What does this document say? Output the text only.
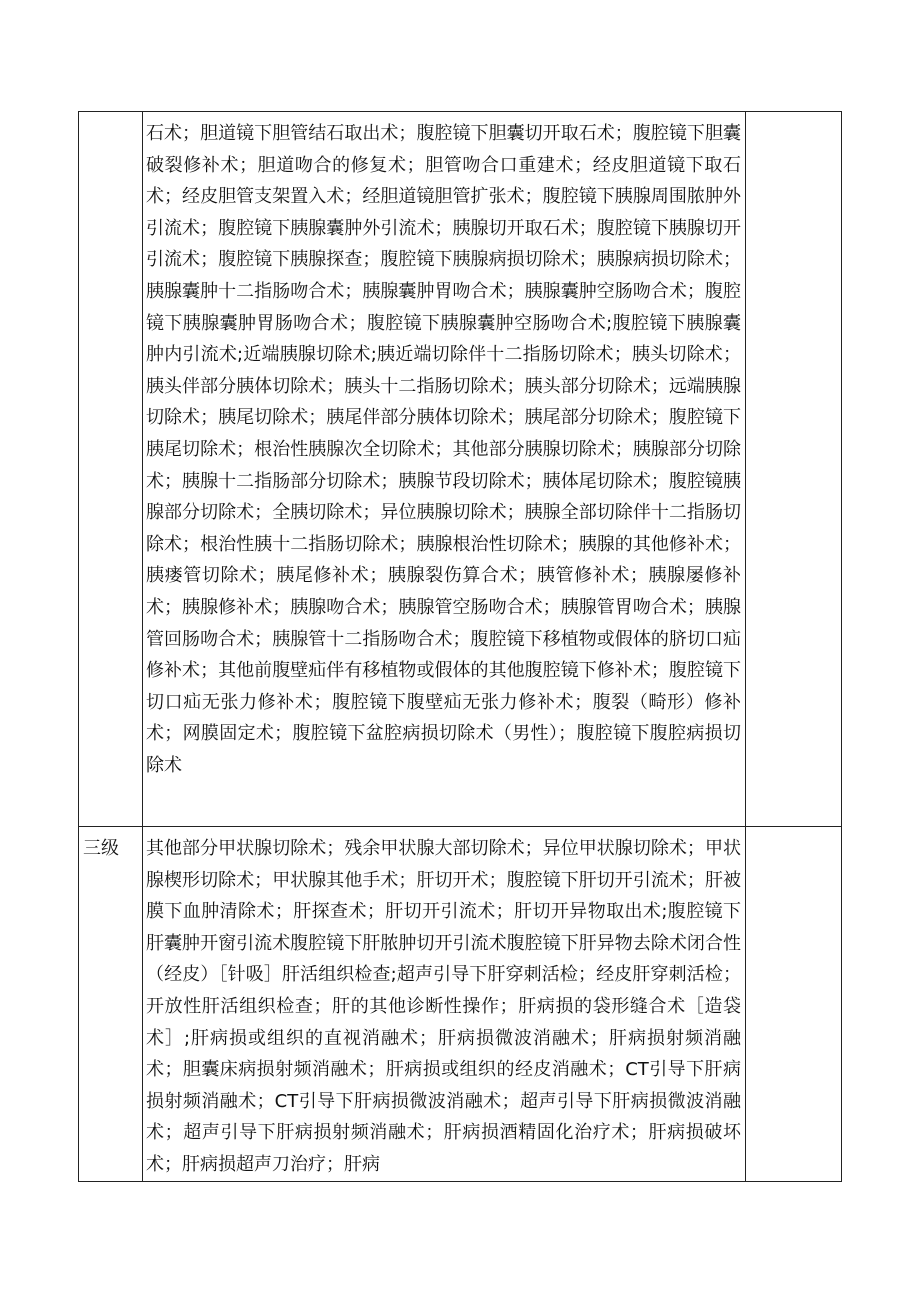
	石术；胆道镜下胆管结石取出术；腹腔镜下胆囊切开取石术；腹腔镜下胆囊破裂修补术；胆道吻合的修复术；胆管吻合口重建术；经皮胆道镜下取石术；经皮胆管支架置入术；经胆道镜胆管扩张术；腹腔镜下胰腺周围脓肿外引流术；腹腔镜下胰腺囊肿外引流术；胰腺切开取石术；腹腔镜下胰腺切开引流术；腹腔镜下胰腺探查；腹腔镜下胰腺病损切除术；胰腺病损切除术；胰腺囊肿十二指肠吻合术；胰腺囊肿胃吻合术；胰腺囊肿空肠吻合术；腹腔镜下胰腺囊肿胃肠吻合术；腹腔镜下胰腺囊肿空肠吻合术;腹腔镜下胰腺囊肿内引流术;近端胰腺切除术;胰近端切除伴十二指肠切除术；胰头切除术；胰头伴部分胰体切除术；胰头十二指肠切除术；胰头部分切除术；远端胰腺切除术；胰尾切除术；胰尾伴部分胰体切除术；胰尾部分切除术；腹腔镜下胰尾切除术；根治性胰腺次全切除术；其他部分胰腺切除术；胰腺部分切除术；胰腺十二指肠部分切除术；胰腺节段切除术；胰体尾切除术；腹腔镜胰腺部分切除术；全胰切除术；异位胰腺切除术；胰腺全部切除伴十二指肠切除术；根治性胰十二指肠切除术；胰腺根治性切除术；胰腺的其他修补术；胰瘘管切除术；胰尾修补术；胰腺裂伤算合术；胰管修补术；胰腺屡修补术；胰腺修补术；胰腺吻合术；胰腺管空肠吻合术；胰腺管胃吻合术；胰腺管回肠吻合术；胰腺管十二指肠吻合术；腹腔镜下移植物或假体的脐切口疝修补术；其他前腹壁疝伴有移植物或假体的其他腹腔镜下修补术；腹腔镜下切口疝无张力修补术；腹腔镜下腹壁疝无张力修补术；腹裂（畸形）修补术；网膜固定术；腹腔镜下盆腔病损切除术（男性）；腹腔镜下腹腔病损切除术	

三级	其他部分甲状腺切除术；残余甲状腺大部切除术；异位甲状腺切除术；甲状腺楔形切除术；甲状腺其他手术；肝切开术；腹腔镜下肝切开引流术；肝被膜下血肿清除术；肝探查术；肝切开引流术；肝切开异物取出术;腹腔镜下肝囊肿开窗引流术腹腔镜下肝脓肿切开引流术腹腔镜下肝异物去除术闭合性（经皮）［针吸］肝活组织检查;超声引导下肝穿刺活检；经皮肝穿刺活检；开放性肝活组织检查；肝的其他诊断性操作；肝病损的袋形缝合术［造袋术］;肝病损或组织的直视消融术；肝病损微波消融术；肝病损射频消融术；胆囊床病损射频消融术；肝病损或组织的经皮消融术；CT引导下肝病损射频消融术；CT引导下肝病损微波消融术；超声引导下肝病损微波消融术；超声引导下肝病损射频消融术；肝病损酒精固化治疗术；肝病损破坏术；肝病损超声刀治疗；肝病	
